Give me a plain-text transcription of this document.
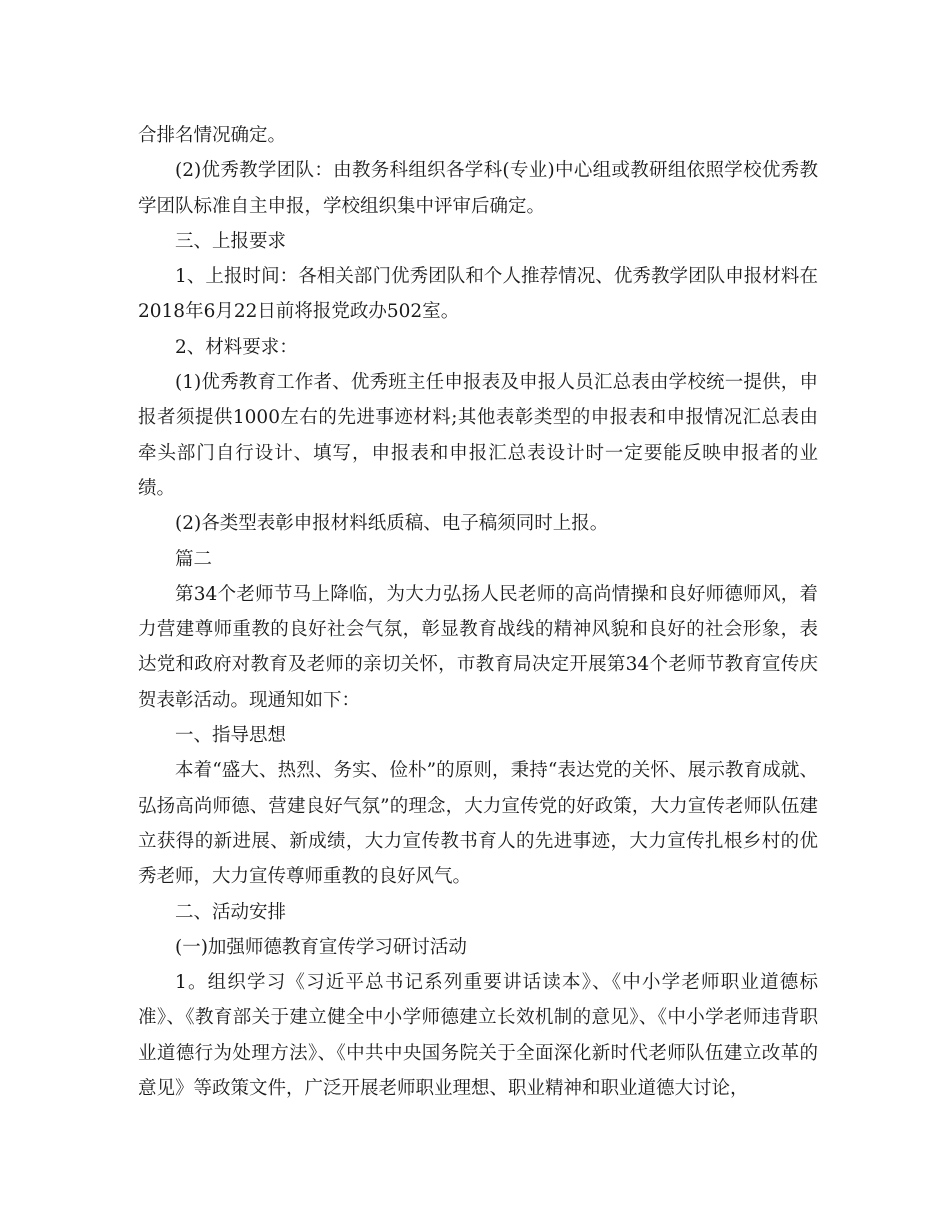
合排名情况确定。

(2)优秀教学团队：由教务科组织各学科(专业)中心组或教研组依照学校优秀教学团队标准自主申报，学校组织集中评审后确定。

三、上报要求

1、上报时间：各相关部门优秀团队和个人推荐情况、优秀教学团队申报材料在2018年6月22日前将报党政办502室。

2、材料要求：

(1)优秀教育工作者、优秀班主任申报表及申报人员汇总表由学校统一提供，申报者须提供1000左右的先进事迹材料;其他表彰类型的申报表和申报情况汇总表由牵头部门自行设计、填写，申报表和申报汇总表设计时一定要能反映申报者的业绩。

(2)各类型表彰申报材料纸质稿、电子稿须同时上报。

篇二

第34个老师节马上降临，为大力弘扬人民老师的高尚情操和良好师德师风，着力营建尊师重教的良好社会气氛，彰显教育战线的精神风貌和良好的社会形象，表达党和政府对教育及老师的亲切关怀，市教育局决定开展第34个老师节教育宣传庆贺表彰活动。现通知如下：

一、指导思想

本着“盛大、热烈、务实、俭朴”的原则，秉持“表达党的关怀、展示教育成就、弘扬高尚师德、营建良好气氛”的理念，大力宣传党的好政策，大力宣传老师队伍建立获得的新进展、新成绩，大力宣传教书育人的先进事迹，大力宣传扎根乡村的优秀老师，大力宣传尊师重教的良好风气。

二、活动安排

(一)加强师德教育宣传学习研讨活动

1。组织学习《习近平总书记系列重要讲话读本》、《中小学老师职业道德标准》、《教育部关于建立健全中小学师德建立长效机制的意见》、《中小学老师违背职业道德行为处理方法》、《中共中央国务院关于全面深化新时代老师队伍建立改革的意见》等政策文件，广泛开展老师职业理想、职业精神和职业道德大讨论，
